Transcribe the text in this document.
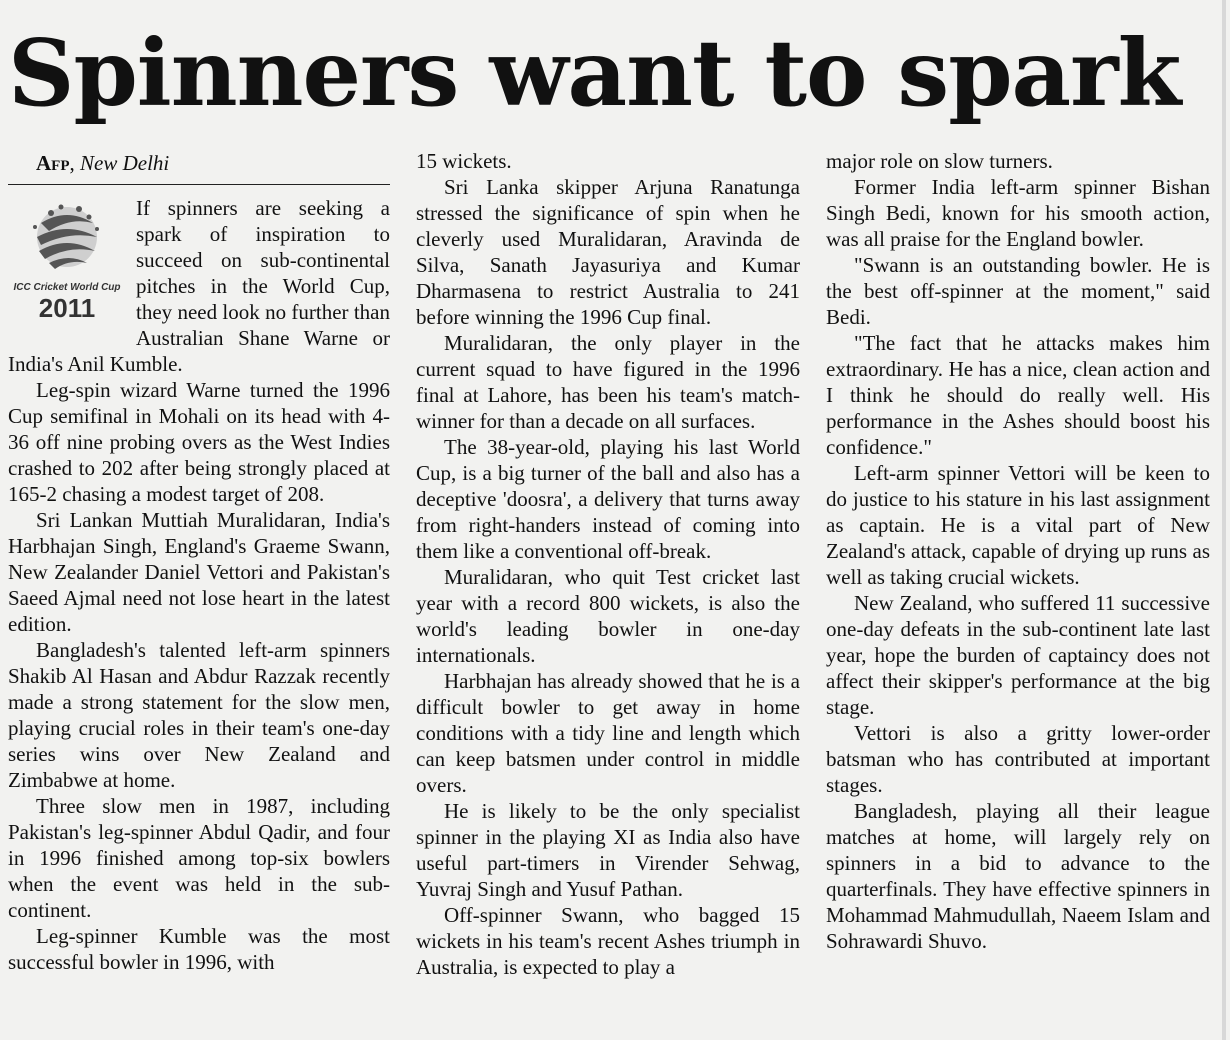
Spinners want to spark

Afp, New Delhi

ICC Cricket World Cup
2011

If spinners are seeking a spark of inspiration to succeed on sub-continental pitches in the World Cup, they need look no further than Australian Shane Warne or India's Anil Kumble.

Leg-spin wizard Warne turned the 1996 Cup semifinal in Mohali on its head with 4-36 off nine probing overs as the West Indies crashed to 202 after being strongly placed at 165-2 chasing a modest target of 208.

Sri Lankan Muttiah Muralidaran, India's Harbhajan Singh, England's Graeme Swann, New Zealander Daniel Vettori and Pakistan's Saeed Ajmal need not lose heart in the latest edition.

Bangladesh's talented left-arm spinners Shakib Al Hasan and Abdur Razzak recently made a strong statement for the slow men, playing crucial roles in their team's one-day series wins over New Zealand and Zimbabwe at home.

Three slow men in 1987, including Pakistan's leg-spinner Abdul Qadir, and four in 1996 finished among top-six bowlers when the event was held in the sub-continent.

Leg-spinner Kumble was the most successful bowler in 1996, with

15 wickets.

Sri Lanka skipper Arjuna Ranatunga stressed the significance of spin when he cleverly used Muralidaran, Aravinda de Silva, Sanath Jayasuriya and Kumar Dharmasena to restrict Australia to 241 before winning the 1996 Cup final.

Muralidaran, the only player in the current squad to have figured in the 1996 final at Lahore, has been his team's match-winner for than a decade on all surfaces.

The 38-year-old, playing his last World Cup, is a big turner of the ball and also has a deceptive 'doosra', a delivery that turns away from right-handers instead of coming into them like a conventional off-break.

Muralidaran, who quit Test cricket last year with a record 800 wickets, is also the world's leading bowler in one-day internationals.

Harbhajan has already showed that he is a difficult bowler to get away in home conditions with a tidy line and length which can keep batsmen under control in middle overs.

He is likely to be the only specialist spinner in the playing XI as India also have useful part-timers in Virender Sehwag, Yuvraj Singh and Yusuf Pathan.

Off-spinner Swann, who bagged 15 wickets in his team's recent Ashes triumph in Australia, is expected to play a

major role on slow turners.

Former India left-arm spinner Bishan Singh Bedi, known for his smooth action, was all praise for the England bowler.

"Swann is an outstanding bowler. He is the best off-spinner at the moment," said Bedi.

"The fact that he attacks makes him extraordinary. He has a nice, clean action and I think he should do really well. His performance in the Ashes should boost his confidence."

Left-arm spinner Vettori will be keen to do justice to his stature in his last assignment as captain. He is a vital part of New Zealand's attack, capable of drying up runs as well as taking crucial wickets.

New Zealand, who suffered 11 successive one-day defeats in the sub-continent late last year, hope the burden of captaincy does not affect their skipper's performance at the big stage.

Vettori is also a gritty lower-order batsman who has contributed at important stages.

Bangladesh, playing all their league matches at home, will largely rely on spinners in a bid to advance to the quarterfinals. They have effective spinners in Mohammad Mahmudullah, Naeem Islam and Sohrawardi Shuvo.
